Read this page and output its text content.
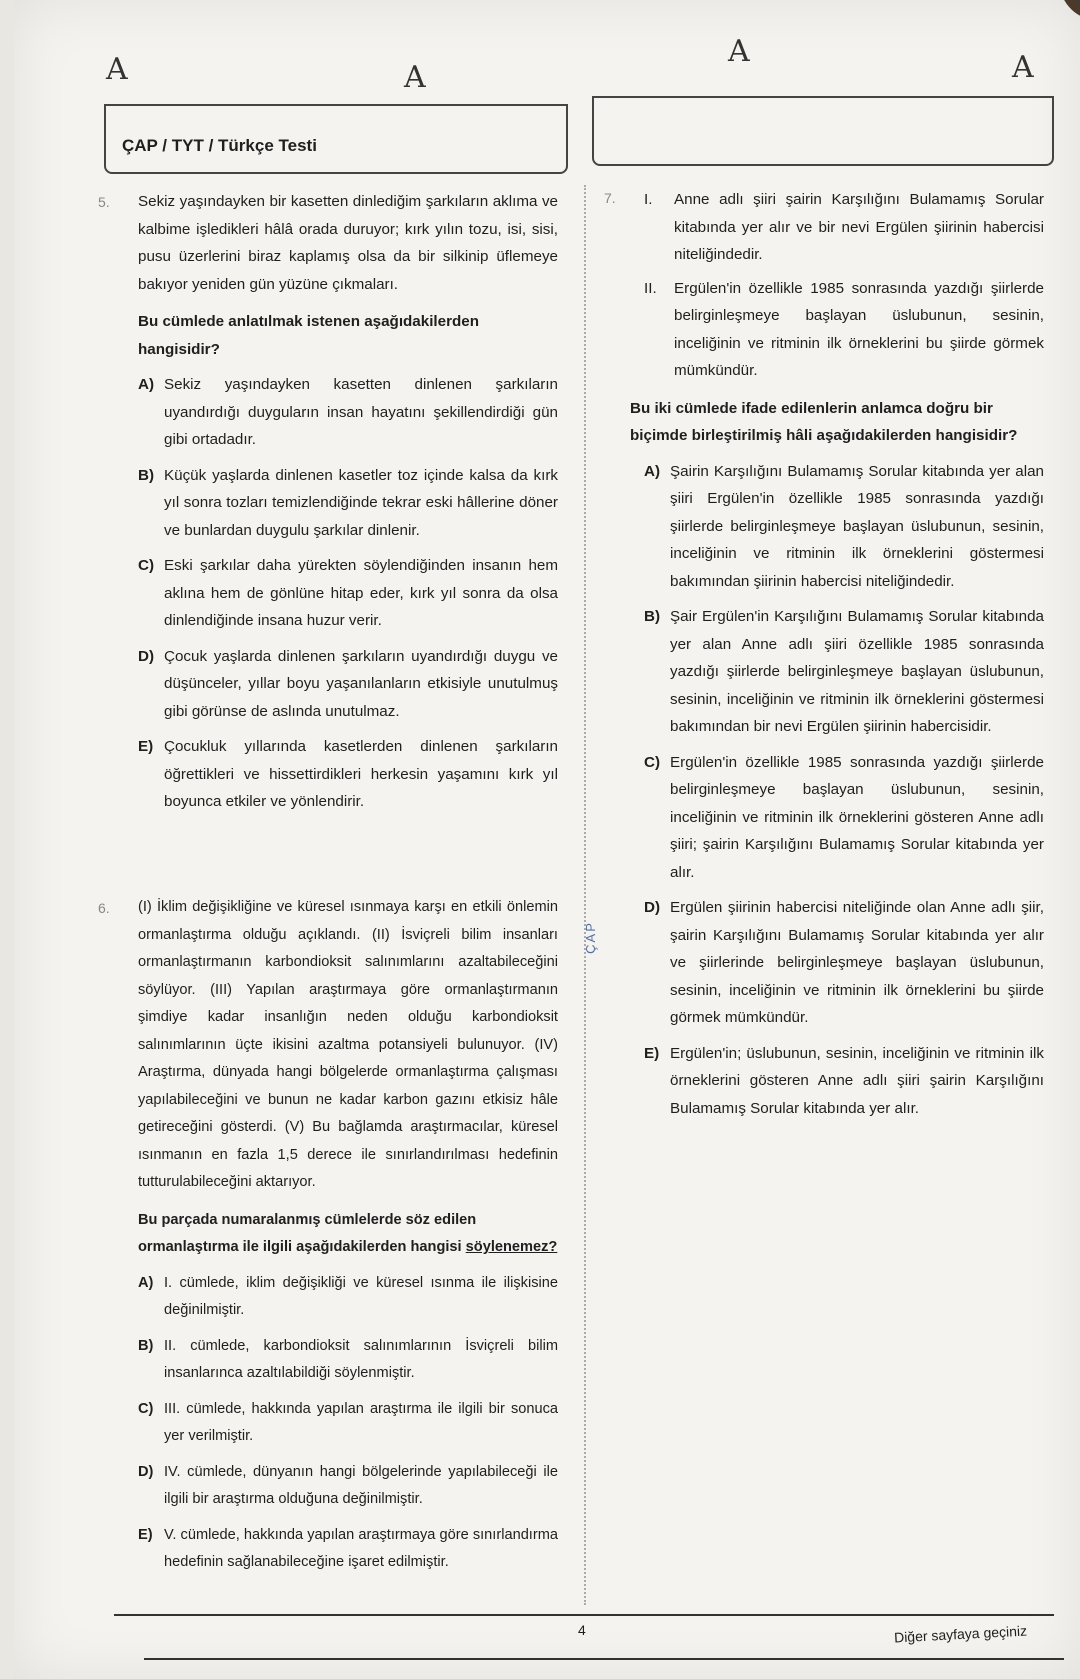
A	A
A	A
ÇAP / TYT / Türkçe Testi
5. Sekiz yaşındayken bir kasetten dinlediğim şarkıların aklıma ve kalbime işledikleri hâlâ orada duruyor; kırk yılın tozu, isi, sisi, pusu üzerlerini biraz kaplamış olsa da bir silkinip üflemeye bakıyor yeniden gün yüzüne çıkmaları.
Bu cümlede anlatılmak istenen aşağıdakilerden hangisidir?
A) Sekiz yaşındayken kasetten dinlenen şarkıların uyandırdığı duyguların insan hayatını şekillendirdiği gün gibi ortadadır.
B) Küçük yaşlarda dinlenen kasetler toz içinde kalsa da kırk yıl sonra tozları temizlendiğinde tekrar eski hâllerine döner ve bunlardan duygulu şarkılar dinlenir.
C) Eski şarkılar daha yürekten söylendiğinden insanın hem aklına hem de gönlüne hitap eder, kırk yıl sonra da olsa dinlendiğinde insana huzur verir.
D) Çocuk yaşlarda dinlenen şarkıların uyandırdığı duygu ve düşünceler, yıllar boyu yaşanılanların etkisiyle unutulmuş gibi görünse de aslında unutulmaz.
E) Çocukluk yıllarında kasetlerden dinlenen şarkıların öğrettikleri ve hissettirdikleri herkesin yaşamını kırk yıl boyunca etkiler ve yönlendirir.
6. (I) İklim değişikliğine ve küresel ısınmaya karşı en etkili önlemin ormanlaştırma olduğu açıklandı. (II) İsviçreli bilim insanları ormanlaştırmanın karbondioksit salınımlarını azaltabileceğini söylüyor. (III) Yapılan araştırmaya göre ormanlaştırmanın şimdiye kadar insanlığın neden olduğu karbondioksit salınımlarının üçte ikisini azaltma potansiyeli bulunuyor. (IV) Araştırma, dünyada hangi bölgelerde ormanlaştırma çalışması yapılabileceğini ve bunun ne kadar karbon gazını etkisiz hâle getireceğini gösterdi. (V) Bu bağlamda araştırmacılar, küresel ısınmanın en fazla 1,5 derece ile sınırlandırılması hedefinin tutturulabileceğini aktarıyor.
Bu parçada numaralanmış cümlelerde söz edilen ormanlaştırma ile ilgili aşağıdakilerden hangisi söylenemez?
A) I. cümlede, iklim değişikliği ve küresel ısınma ile ilişkisine değinilmiştir.
B) II. cümlede, karbondioksit salınımlarının İsviçreli bilim insanlarınca azaltılabildiği söylenmiştir.
C) III. cümlede, hakkında yapılan araştırma ile ilgili bir sonuca yer verilmiştir.
D) IV. cümlede, dünyanın hangi bölgelerinde yapılabileceği ile ilgili bir araştırma olduğuna değinilmiştir.
E) V. cümlede, hakkında yapılan araştırmaya göre sınırlandırma hedefinin sağlanabileceğine işaret edilmiştir.
ÇAP
7. I.	Anne adlı şiiri şairin Karşılığını Bulamamış Sorular kitabında yer alır ve bir nevi Ergülen şiirinin habercisi niteliğindedir.
II.	Ergülen'in özellikle 1985 sonrasında yazdığı şiirlerde belirginleşmeye başlayan üslubunun, sesinin, inceliğinin ve ritminin ilk örneklerini bu şiirde görmek mümkündür.
Bu iki cümlede ifade edilenlerin anlamca doğru bir biçimde birleştirilmiş hâli aşağıdakilerden hangisidir?
A) Şairin Karşılığını Bulamamış Sorular kitabında yer alan şiiri Ergülen'in özellikle 1985 sonrasında yazdığı şiirlerde belirginleşmeye başlayan üslubunun, sesinin, inceliğinin ve ritminin ilk örneklerini göstermesi bakımından şiirinin habercisi niteliğindedir.
B) Şair Ergülen'in Karşılığını Bulamamış Sorular kitabında yer alan Anne adlı şiiri özellikle 1985 sonrasında yazdığı şiirlerde belirginleşmeye başlayan üslubunun, sesinin, inceliğinin ve ritminin ilk örneklerini göstermesi bakımından bir nevi Ergülen şiirinin habercisidir.
C) Ergülen'in özellikle 1985 sonrasında yazdığı şiirlerde belirginleşmeye başlayan üslubunun, sesinin, inceliğinin ve ritminin ilk örneklerini gösteren Anne adlı şiiri; şairin Karşılığını Bulamamış Sorular kitabında yer alır.
D) Ergülen şiirinin habercisi niteliğinde olan Anne adlı şiir, şairin Karşılığını Bulamamış Sorular kitabında yer alır ve şiirlerinde belirginleşmeye başlayan üslubunun, sesinin, inceliğinin ve ritminin ilk örneklerini bu şiirde görmek mümkündür.
E) Ergülen'in; üslubunun, sesinin, inceliğinin ve ritminin ilk örneklerini gösteren Anne adlı şiiri şairin Karşılığını Bulamamış Sorular kitabında yer alır.
4	Diğer sayfaya geçiniz
